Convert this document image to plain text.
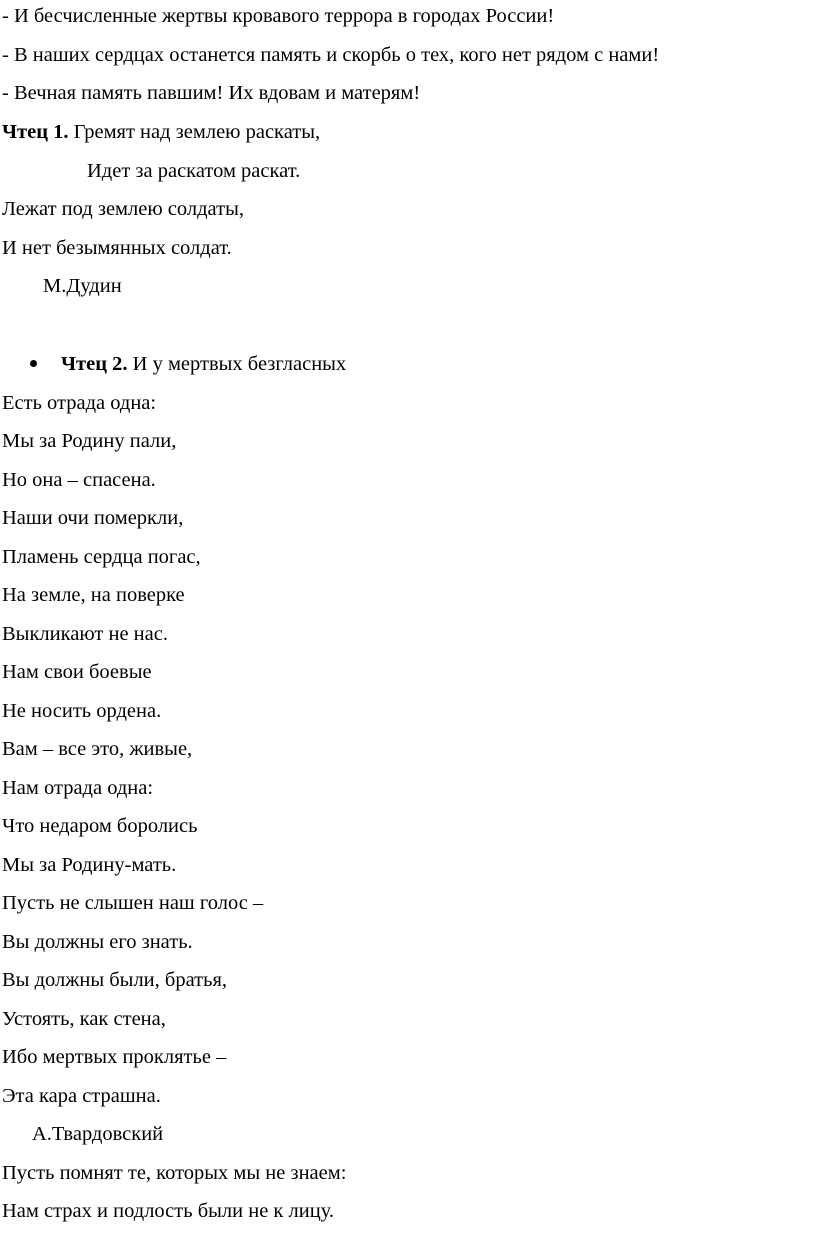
- И бесчисленные жертвы кровавого террора в городах России!
- В наших сердцах останется память и скорбь о тех, кого нет рядом с нами!
- Вечная память павшим! Их вдовам и матерям!
Чтец 1. Гремят над землею раскаты,
Идет за раскатом раскат.
Лежат под землею солдаты,
И нет безымянных солдат.
М.Дудин
Чтец 2. И у мертвых безгласных
Есть отрада одна:
Мы за Родину пали,
Но она – спасена.
Наши очи померкли,
Пламень сердца погас,
На земле, на поверке
Выкликают не нас.
Нам свои боевые
Не носить ордена.
Вам – все это, живые,
Нам отрада одна:
Что недаром боролись
Мы за Родину-мать.
Пусть не слышен наш голос –
Вы должны его знать.
Вы должны были, братья,
Устоять, как стена,
Ибо мертвых проклятье –
Эта кара страшна.
А.Твардовский
Пусть помнят те, которых мы не знаем:
Нам страх и подлость были не к лицу.
